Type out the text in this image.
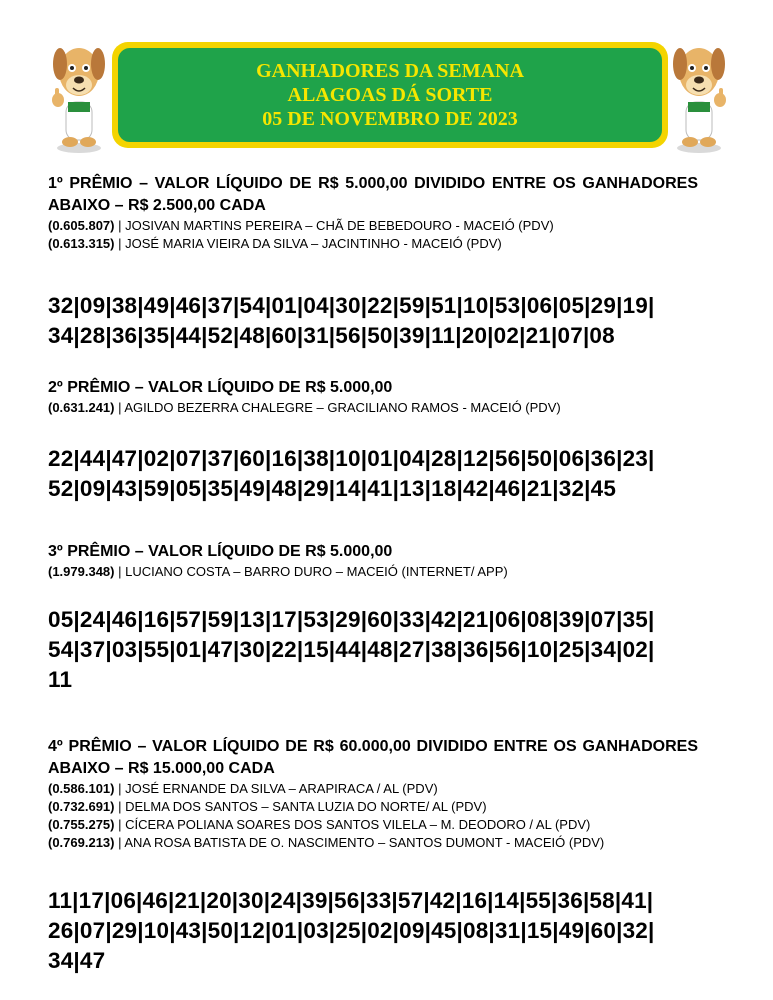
GANHADORES DA SEMANA
ALAGOAS DÁ SORTE
05 DE NOVEMBRO DE 2023
1º PRÊMIO – VALOR LÍQUIDO DE R$ 5.000,00 DIVIDIDO ENTRE OS GANHADORES ABAIXO – R$ 2.500,00 CADA
(0.605.807) | JOSIVAN MARTINS PEREIRA – CHÃ DE BEBEDOURO - MACEIÓ (PDV)
(0.613.315) | JOSÉ MARIA VIEIRA DA SILVA – JACINTINHO - MACEIÓ (PDV)
32|09|38|49|46|37|54|01|04|30|22|59|51|10|53|06|05|29|19|
34|28|36|35|44|52|48|60|31|56|50|39|11|20|02|21|07|08
2º PRÊMIO – VALOR LÍQUIDO DE R$ 5.000,00
(0.631.241) | AGILDO BEZERRA CHALEGRE – GRACILIANO RAMOS - MACEIÓ (PDV)
22|44|47|02|07|37|60|16|38|10|01|04|28|12|56|50|06|36|23|
52|09|43|59|05|35|49|48|29|14|41|13|18|42|46|21|32|45
3º PRÊMIO – VALOR LÍQUIDO DE R$ 5.000,00
(1.979.348) | LUCIANO COSTA – BARRO DURO – MACEIÓ (INTERNET/ APP)
05|24|46|16|57|59|13|17|53|29|60|33|42|21|06|08|39|07|35|
54|37|03|55|01|47|30|22|15|44|48|27|38|36|56|10|25|34|02|
11
4º PRÊMIO – VALOR LÍQUIDO DE R$ 60.000,00 DIVIDIDO ENTRE OS GANHADORES ABAIXO – R$ 15.000,00 CADA
(0.586.101) | JOSÉ ERNANDE DA SILVA – ARAPIRACA / AL (PDV)
(0.732.691) | DELMA DOS SANTOS – SANTA LUZIA DO NORTE/ AL (PDV)
(0.755.275) | CÍCERA POLIANA SOARES DOS SANTOS VILELA – M. DEODORO / AL (PDV)
(0.769.213) | ANA ROSA BATISTA DE O. NASCIMENTO – SANTOS DUMONT - MACEIÓ (PDV)
11|17|06|46|21|20|30|24|39|56|33|57|42|16|14|55|36|58|41|
26|07|29|10|43|50|12|01|03|25|02|09|45|08|31|15|49|60|32|
34|47
